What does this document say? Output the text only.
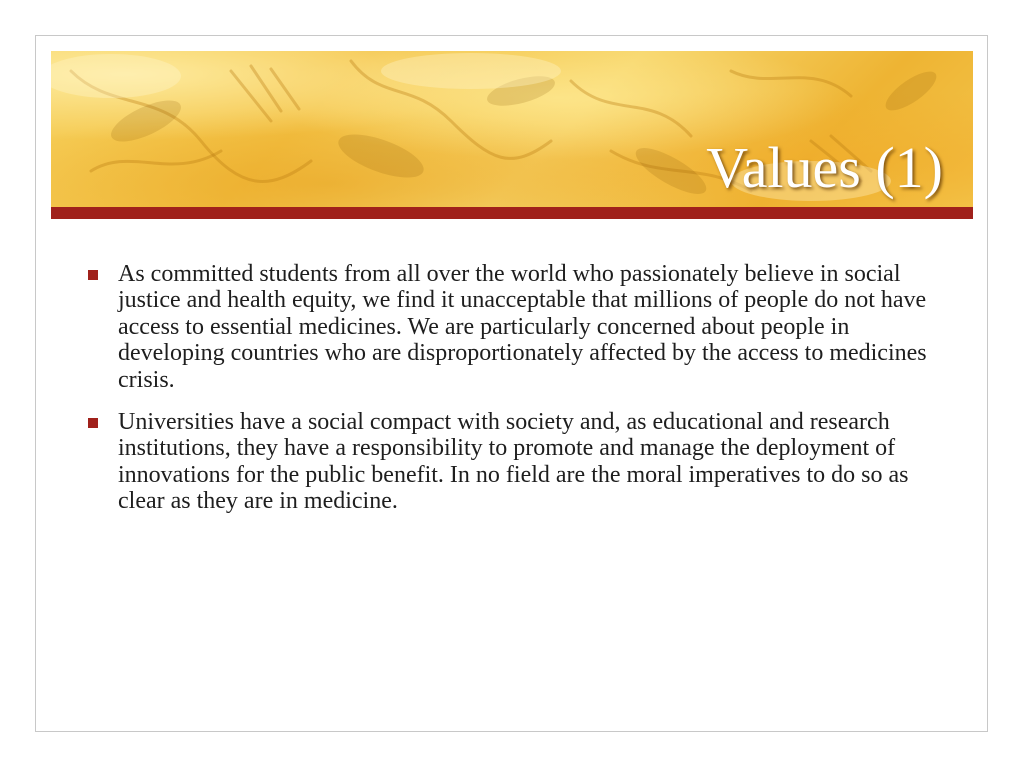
Values (1)
As committed students from all over the world who passionately believe in social justice and health equity, we find it unacceptable that millions of people do not have access to essential medicines. We are particularly concerned about people in developing countries who are disproportionately affected by the access to medicines crisis.
Universities have a social compact with society and, as educational and research institutions, they have a responsibility to promote and manage the deployment of innovations for the public benefit. In no field are the moral imperatives to do so as clear as they are in medicine.
